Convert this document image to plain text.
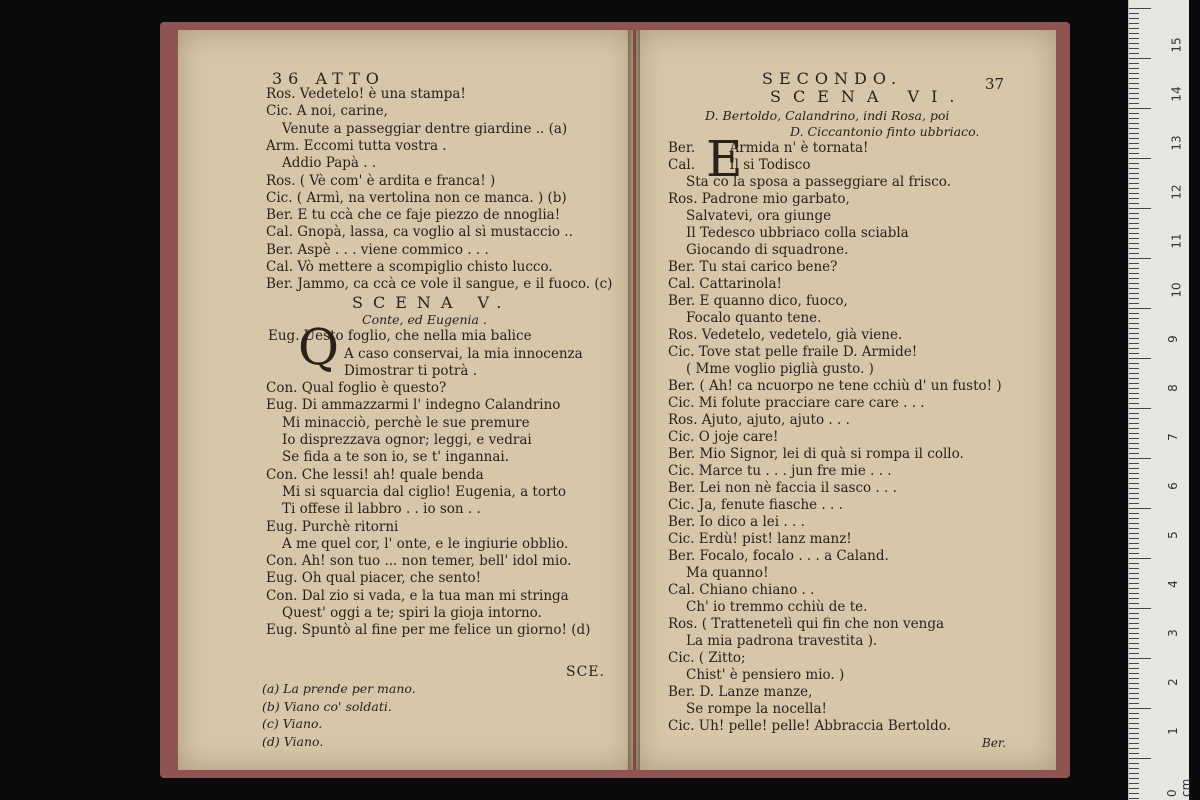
36 ATTO
Ros. Vedetelo! è una stampa!
Cic. A noi, carine,
Venute a passeggiar dentre giardine .. (a)
Arm. Eccomi tutta vostra .
Addio Papà . .
Ros. ( Vè com' è ardita e franca! )
Cic. ( Armì, na vertolina non ce manca. ) (b)
Ber. E tu ccà che ce faje piezzo de nnoglia!
Cal. Gnopà, lassa, ca voglio al sì mustaccio ..
Ber. Aspè . . . viene commico . . .
Cal. Vò mettere a scompiglio chisto lucco.
Ber. Jammo, ca ccà ce vole il sangue, e il fuoco. (c)
SCENA V.
Conte, ed Eugenia .
Eug. Uesto foglio, che nella mia balice
A caso conservai, la mia innocenza
Dimostrar ti potrà .
Con. Qual foglio è questo?
Eug. Di ammazzarmi l' indegno Calandrino
Mi minacciò, perchè le sue premure
Io disprezzava ognor; leggi, e vedrai
Se fida a te son io, se t' ingannai.
Con. Che lessi! ah! quale benda
Mi si squarcia dal ciglio! Eugenia, a torto
Ti offese il labbro . . io son . .
Eug. Purchè ritorni
A me quel cor, l' onte, e le ingiurie obblio.
Con. Ah! son tuo ... non temer, bell' idol mio.
Eug. Oh qual piacer, che sento!
Con. Dal zio si vada, e la tua man mi stringa
Quest' oggi a te; spiri la gioja intorno.
Eug. Spuntò al fine per me felice un giorno! (d)
Q
SCE.
(a) La prende per mano.
(b) Viano co' soldati.
(c) Viano.
(d) Viano.
SECONDO.	37
SCENA VI.
D. Bertoldo, Calandrino, indi Rosa, poi
D. Ciccantonio finto ubbriaco.
E
Ber.        Armida n' è tornata!
Cal.        Il si Todisco
Sta co la sposa a passeggiare al frisco.
Ros. Padrone mio garbato,
Salvatevi, ora giunge
Il Tedesco ubbriaco colla sciabla
Giocando di squadrone.
Ber. Tu stai carico bene?
Cal. Cattarinola!
Ber. E quanno dico, fuoco,
Focalo quanto tene.
Ros. Vedetelo, vedetelo, già viene.
Cic. Tove stat pelle fraile D. Armide!
( Mme voglio piglià gusto. )
Ber. ( Ah! ca ncuorpo ne tene cchiù d' un fusto! )
Cic. Mi folute pracciare care care . . .
Ros. Ajuto, ajuto, ajuto . . .
Cic. O joje care!
Ber. Mio Signor, lei di quà si rompa il collo.
Cic. Marce tu . . . jun fre mie . . .
Ber. Lei non nè faccia il sasco . . .
Cic. Ja, fenute fiasche . . .
Ber. Io dico a lei . . .
Cic. Erdù! pist! lanz manz!
Ber. Focalo, focalo . . . a Caland.
Ma quanno!
Cal. Chiano chiano . .
Ch' io tremmo cchiù de te.
Ros. ( Trattenetelì qui fin che non venga
La mia padrona travestita ).
Cic. ( Zitto;
Chist' è pensiero mio. )
Ber. D. Lanze manze,
Se rompe la nocella!
Cic. Uh! pelle! pelle! Abbraccia Bertoldo.
Ber.
15
14
13
12
11
10
9
8
7
6
5
4
3
2
1
0 cm
